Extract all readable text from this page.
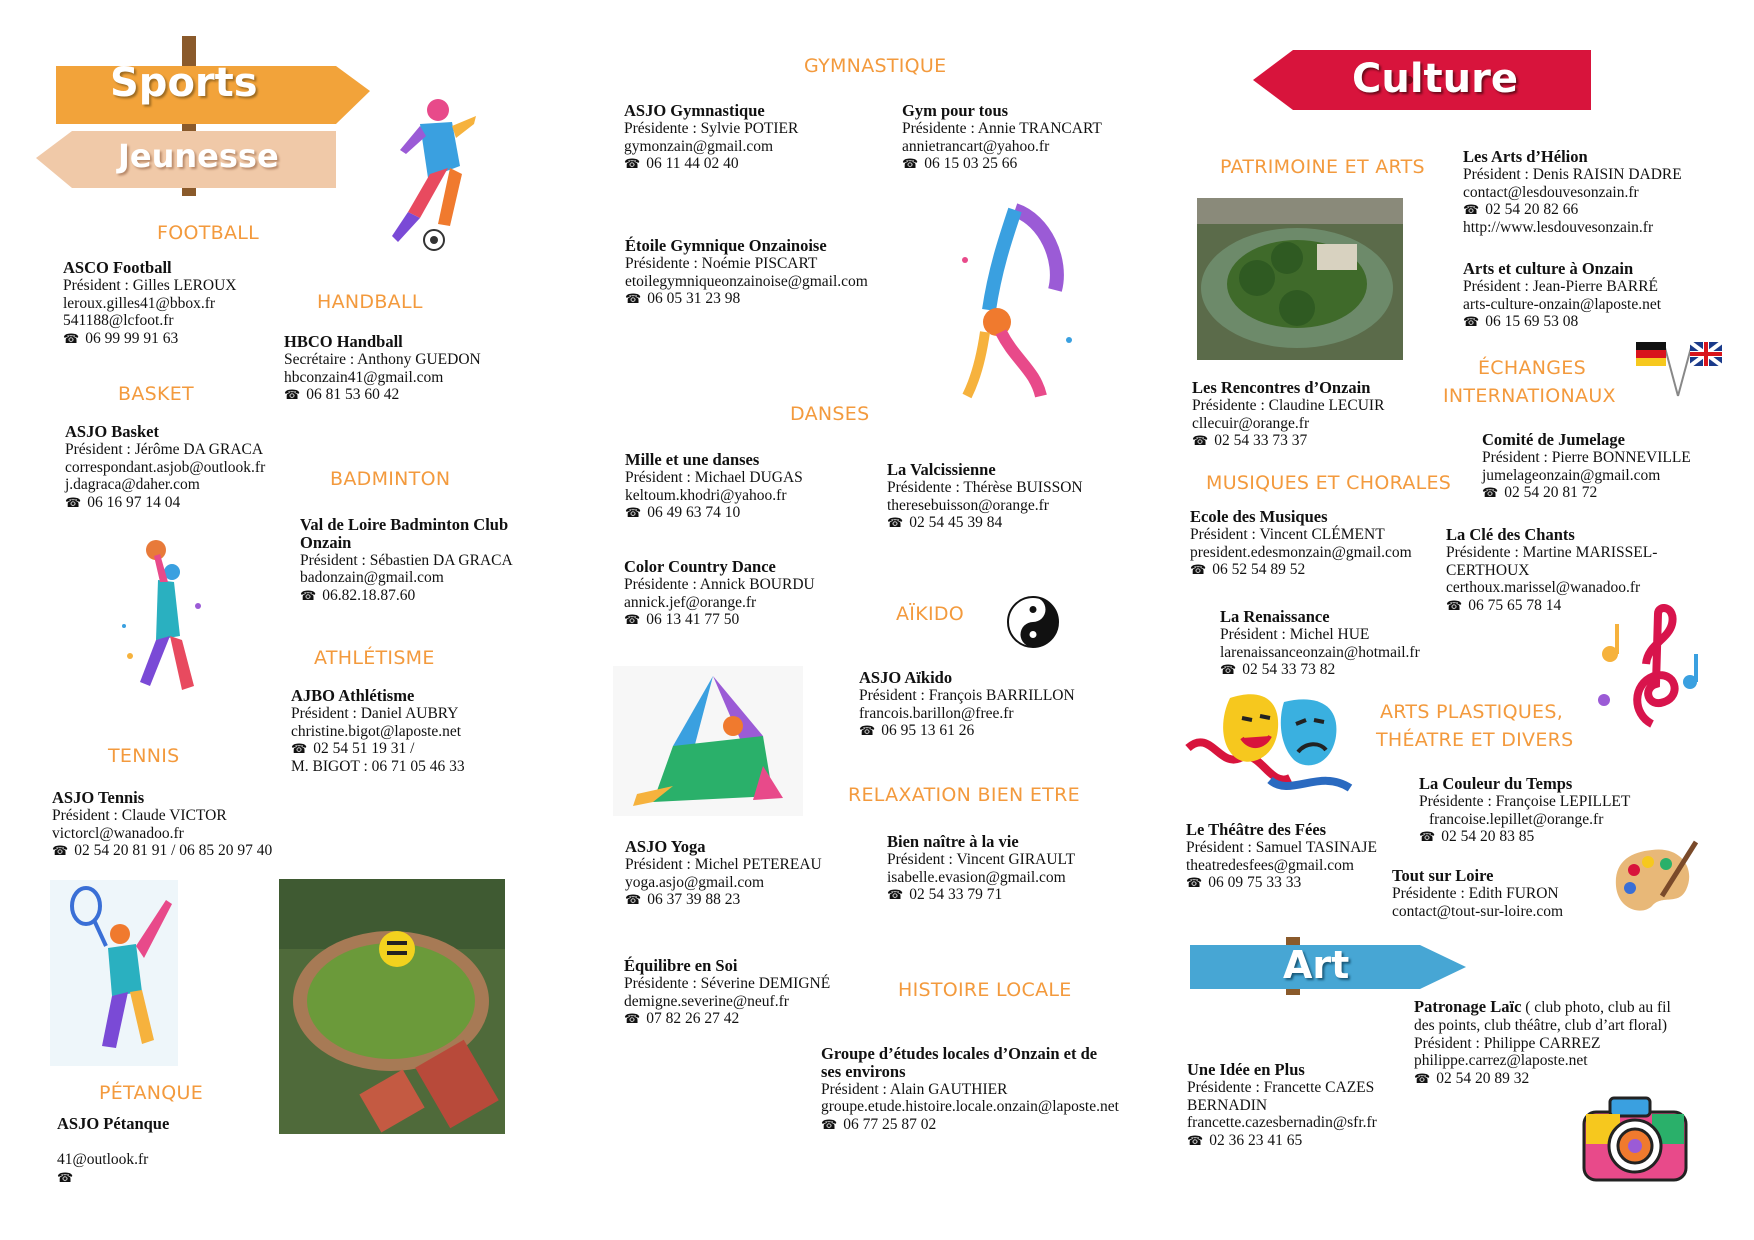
Sports
Jeunesse
FOOTBALL
ASCO Football
Président : Gilles LEROUX
leroux.gilles41@bbox.fr
541188@lcfoot.fr
☎ 06 99 99 91 63
HANDBALL
HBCO Handball
Secrétaire : Anthony GUEDON
hbconzain41@gmail.com
☎ 06 81 53 60 42
BASKET
ASJO Basket
Président : Jérôme DA GRACA
correspondant.asjob@outlook.fr
j.dagraca@daher.com
☎ 06 16 97 14 04
BADMINTON
Val de Loire Badminton Club
Onzain
Président : Sébastien DA GRACA
badonzain@gmail.com
☎ 06.82.18.87.60
ATHLÉTISME
AJBO Athlétisme
Président : Daniel AUBRY
christine.bigot@laposte.net
☎ 02 54 51 19 31 /
M. BIGOT : 06 71 05 46 33
TENNIS
ASJO Tennis
Président : Claude VICTOR
victorcl@wanadoo.fr
☎ 02 54 20 81 91 / 06 85 20 97 40
PÉTANQUE
ASJO Pétanque
41@outlook.fr
☎
GYMNASTIQUE
ASJO Gymnastique
Présidente : Sylvie POTIER
gymonzain@gmail.com
☎ 06 11 44 02 40
Gym pour tous
Présidente : Annie TRANCART
annietrancart@yahoo.fr
☎ 06 15 03 25 66
Étoile Gymnique Onzainoise
Présidente : Noémie PISCART
etoilegymniqueonzainoise@gmail.com
☎ 06 05 31 23 98
DANSES
Mille et une danses
Président : Michael DUGAS
keltoum.khodri@yahoo.fr
☎ 06 49 63 74 10
La Valcissienne
Présidente : Thérèse BUISSON
theresebuisson@orange.fr
☎ 02 54 45 39 84
Color Country Dance
Présidente : Annick BOURDU
annick.jef@orange.fr
☎ 06 13 41 77 50	AÏKIDO
ASJO Aïkido
Président : François BARRILLON
francois.barillon@free.fr
☎ 06 95 13 61 26
RELAXATION BIEN ETRE
ASJO Yoga
Président : Michel PETEREAU
yoga.asjo@gmail.com
☎ 06 37 39 88 23
Bien naître à la vie
Président : Vincent GIRAULT
isabelle.evasion@gmail.com
☎ 02 54 33 79 71
Équilibre en Soi
Présidente : Séverine DEMIGNÉ
demigne.severine@neuf.fr
☎ 07 82 26 27 42
HISTOIRE LOCALE
Groupe d’études locales d’Onzain et de
ses environs
Président : Alain GAUTHIER
groupe.etude.histoire.locale.onzain@laposte.net
☎ 06 77 25 87 02
Culture
PATRIMOINE ET ARTS Les Arts d’Hélion
Président : Denis RAISIN DADRE
contact@lesdouvesonzain.fr
☎ 02 54 20 82 66
http://www.lesdouvesonzain.fr
Arts et culture à Onzain
Président : Jean-Pierre BARRÉ
arts-culture-onzain@laposte.net
☎ 06 15 69 53 08
Les Rencontres d’Onzain
Présidente : Claudine LECUIR
cllecuir@orange.fr
☎ 02 54 33 73 37
ÉCHANGES
INTERNATIONAUX
Comité de Jumelage
Président : Pierre BONNEVILLE
jumelageonzain@gmail.com
☎ 02 54 20 81 72
MUSIQUES ET CHORALES
Ecole des Musiques
Président : Vincent CLÉMENT
president.edesmonzain@gmail.com
☎ 06 52 54 89 52
La Clé des Chants
Présidente : Martine MARISSEL-
CERTHOUX
certhoux.marissel@wanadoo.fr
☎ 06 75 65 78 14
La Renaissance
Président : Michel HUE
larenaissanceonzain@hotmail.fr
☎ 02 54 33 73 82
ARTS PLASTIQUES,
THÉATRE ET DIVERS
La Couleur du Temps
Présidente : Françoise LEPILLET
francoise.lepillet@orange.fr
☎ 02 54 20 83 85
Le Théâtre des Fées
Président : Samuel TASINAJE
theatredesfees@gmail.com
☎ 06 09 75 33 33	Tout sur Loire
Présidente : Edith FURON
contact@tout-sur-loire.com
Art
Patronage Laïc ( club photo, club au fil
des points, club théâtre, club d’art floral)
Président : Philippe CARREZ
philippe.carrez@laposte.net
☎ 02 54 20 89 32
Une Idée en Plus
Présidente : Francette CAZES
BERNADIN
francette.cazesbernadin@sfr.fr
☎ 02 36 23 41 65
